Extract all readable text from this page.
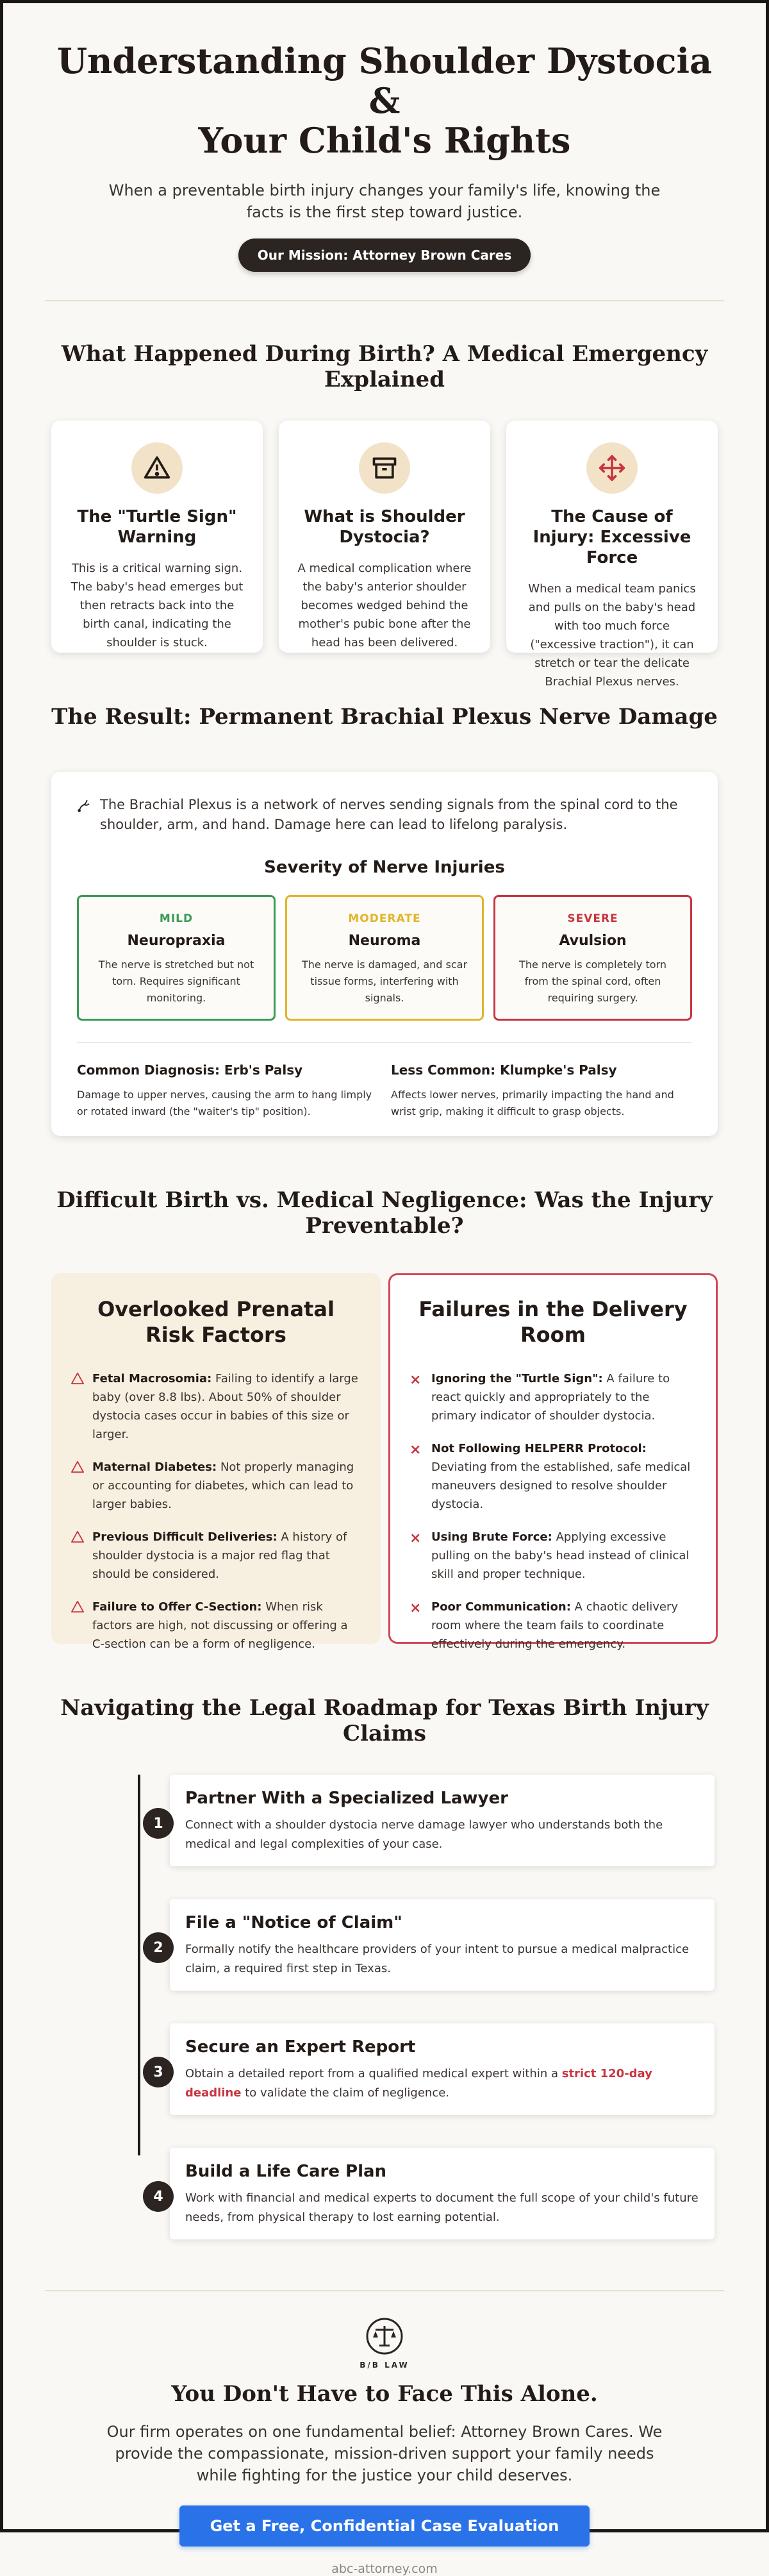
Understanding Shoulder Dystocia &
Your Child's Rights

When a preventable birth injury changes your family's life, knowing the facts is the first step toward justice.

Our Mission: Attorney Brown Cares
What Happened During Birth? A Medical Emergency Explained
The "Turtle Sign" Warning

This is a critical warning sign. The baby's head emerges but then retracts back into the birth canal, indicating the shoulder is stuck.

What is Shoulder Dystocia?

A medical complication where the baby's anterior shoulder becomes wedged behind the mother's pubic bone after the head has been delivered.

The Cause of Injury: Excessive Force

When a medical team panics and pulls on the baby's head with too much force ("excessive traction"), it can stretch or tear the delicate Brachial Plexus nerves.

The Result: Permanent Brachial Plexus Nerve Damage

The Brachial Plexus is a network of nerves sending signals from the spinal cord to the shoulder, arm, and hand. Damage here can lead to lifelong paralysis.

Severity of Nerve Injuries
MILD
Neuropraxia
The nerve is stretched but not torn. Requires significant monitoring.
MODERATE
Neuroma
The nerve is damaged, and scar tissue forms, interfering with signals.
SEVERE
Avulsion
The nerve is completely torn from the spinal cord, often requiring surgery.
Common Diagnosis: Erb's Palsy

Damage to upper nerves, causing the arm to hang limply or rotated inward (the "waiter's tip" position).

Less Common: Klumpke's Palsy

Affects lower nerves, primarily impacting the hand and wrist grip, making it difficult to grasp objects.

Difficult Birth vs. Medical Negligence: Was the Injury Preventable?
Overlooked Prenatal Risk Factors

Fetal Macrosomia: Failing to identify a large baby (over 8.8 lbs). About 50% of shoulder dystocia cases occur in babies of this size or larger.

Maternal Diabetes: Not properly managing or accounting for diabetes, which can lead to larger babies.

Previous Difficult Deliveries: A history of shoulder dystocia is a major red flag that should be considered.

Failure to Offer C-Section: When risk factors are high, not discussing or offering a C-section can be a form of negligence.

Failures in the Delivery Room
× Ignoring the "Turtle Sign": A failure to react quickly and appropriately to the primary indicator of shoulder dystocia.

× Not Following HELPERR Protocol: Deviating from the established, safe medical maneuvers designed to resolve shoulder dystocia.

× Using Brute Force: Applying excessive pulling on the baby's head instead of clinical skill and proper technique.

× Poor Communication: A chaotic delivery room where the team fails to coordinate effectively during the emergency.

Navigating the Legal Roadmap for Texas Birth Injury Claims
1
Partner With a Specialized Lawyer

Connect with a shoulder dystocia nerve damage lawyer who understands both the medical and legal complexities of your case.

2
File a "Notice of Claim"

Formally notify the healthcare providers of your intent to pursue a medical malpractice claim, a required first step in Texas.

3
Secure an Expert Report

Obtain a detailed report from a qualified medical expert within a strict 120-day deadline to validate the claim of negligence.

4
Build a Life Care Plan

Work with financial and medical experts to document the full scope of your child's future needs, from physical therapy to lost earning potential.

B/B LAW
You Don't Have to Face This Alone.

Our firm operates on one fundamental belief: Attorney Brown Cares. We provide the compassionate, mission-driven support your family needs while fighting for the justice your child deserves.

Get a Free, Confidential Case Evaluation
abc-attorney.com
